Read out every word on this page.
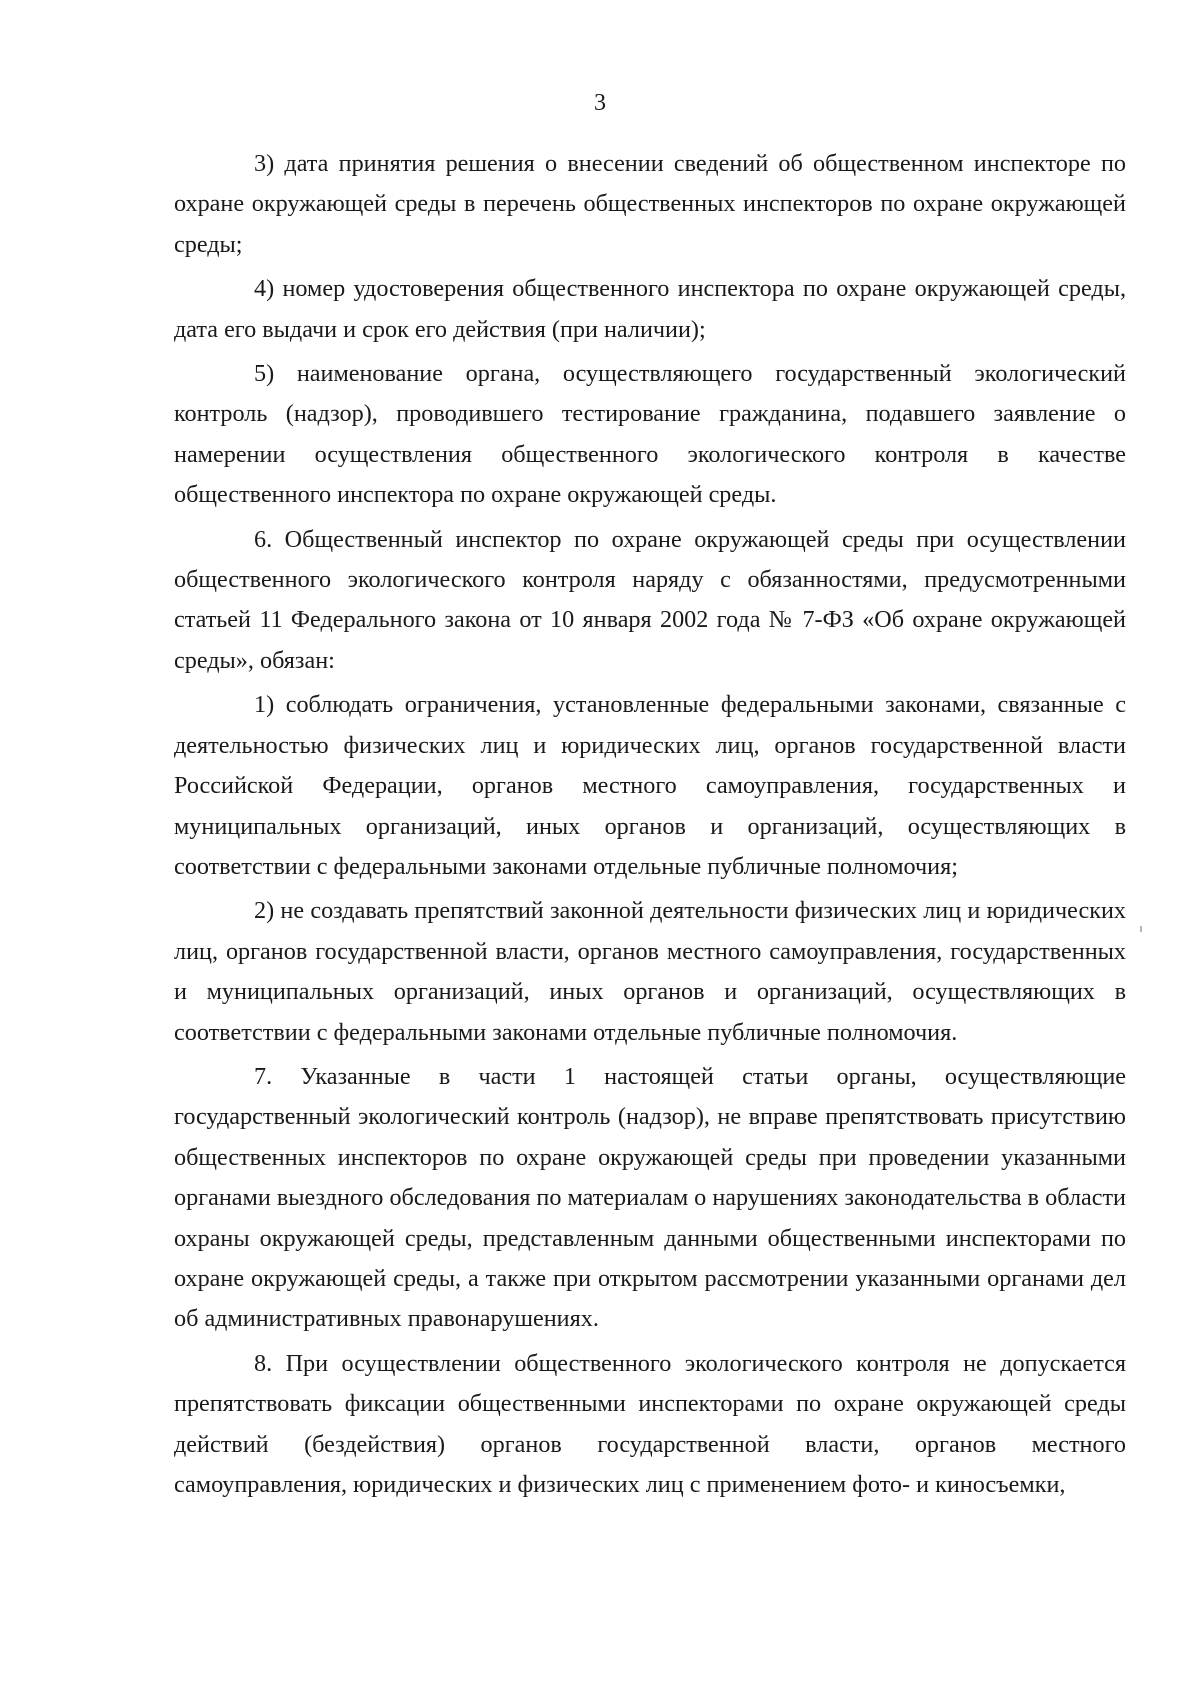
3

3) дата принятия решения о внесении сведений об общественном инспекторе по охране окружающей среды в перечень общественных инспекторов по охране окружающей среды;

4) номер удостоверения общественного инспектора по охране окружающей среды, дата его выдачи и срок его действия (при наличии);

5) наименование органа, осуществляющего государственный экологический контроль (надзор), проводившего тестирование гражданина, подавшего заявление о намерении осуществления общественного экологического контроля в качестве общественного инспектора по охране окружающей среды.

6. Общественный инспектор по охране окружающей среды при осуществлении общественного экологического контроля наряду с обязанностями, предусмотренными статьей 11 Федерального закона от 10 января 2002 года № 7-ФЗ «Об охране окружающей среды», обязан:

1) соблюдать ограничения, установленные федеральными законами, связанные с деятельностью физических лиц и юридических лиц, органов государственной власти Российской Федерации, органов местного самоуправления, государственных и муниципальных организаций, иных органов и организаций, осуществляющих в соответствии с федеральными законами отдельные публичные полномочия;

2) не создавать препятствий законной деятельности физических лиц и юридических лиц, органов государственной власти, органов местного самоуправления, государственных и муниципальных организаций, иных органов и организаций, осуществляющих в соответствии с федеральными законами отдельные публичные полномочия.

7. Указанные в части 1 настоящей статьи органы, осуществляющие государственный экологический контроль (надзор), не вправе препятствовать присутствию общественных инспекторов по охране окружающей среды при проведении указанными органами выездного обследования по материалам о нарушениях законодательства в области охраны окружающей среды, представленным данными общественными инспекторами по охране окружающей среды, а также при открытом рассмотрении указанными органами дел об административных правонарушениях.

8. При осуществлении общественного экологического контроля не допускается препятствовать фиксации общественными инспекторами по охране окружающей среды действий (бездействия) органов государственной власти, органов местного самоуправления, юридических и физических лиц с применением фото- и киносъемки,
